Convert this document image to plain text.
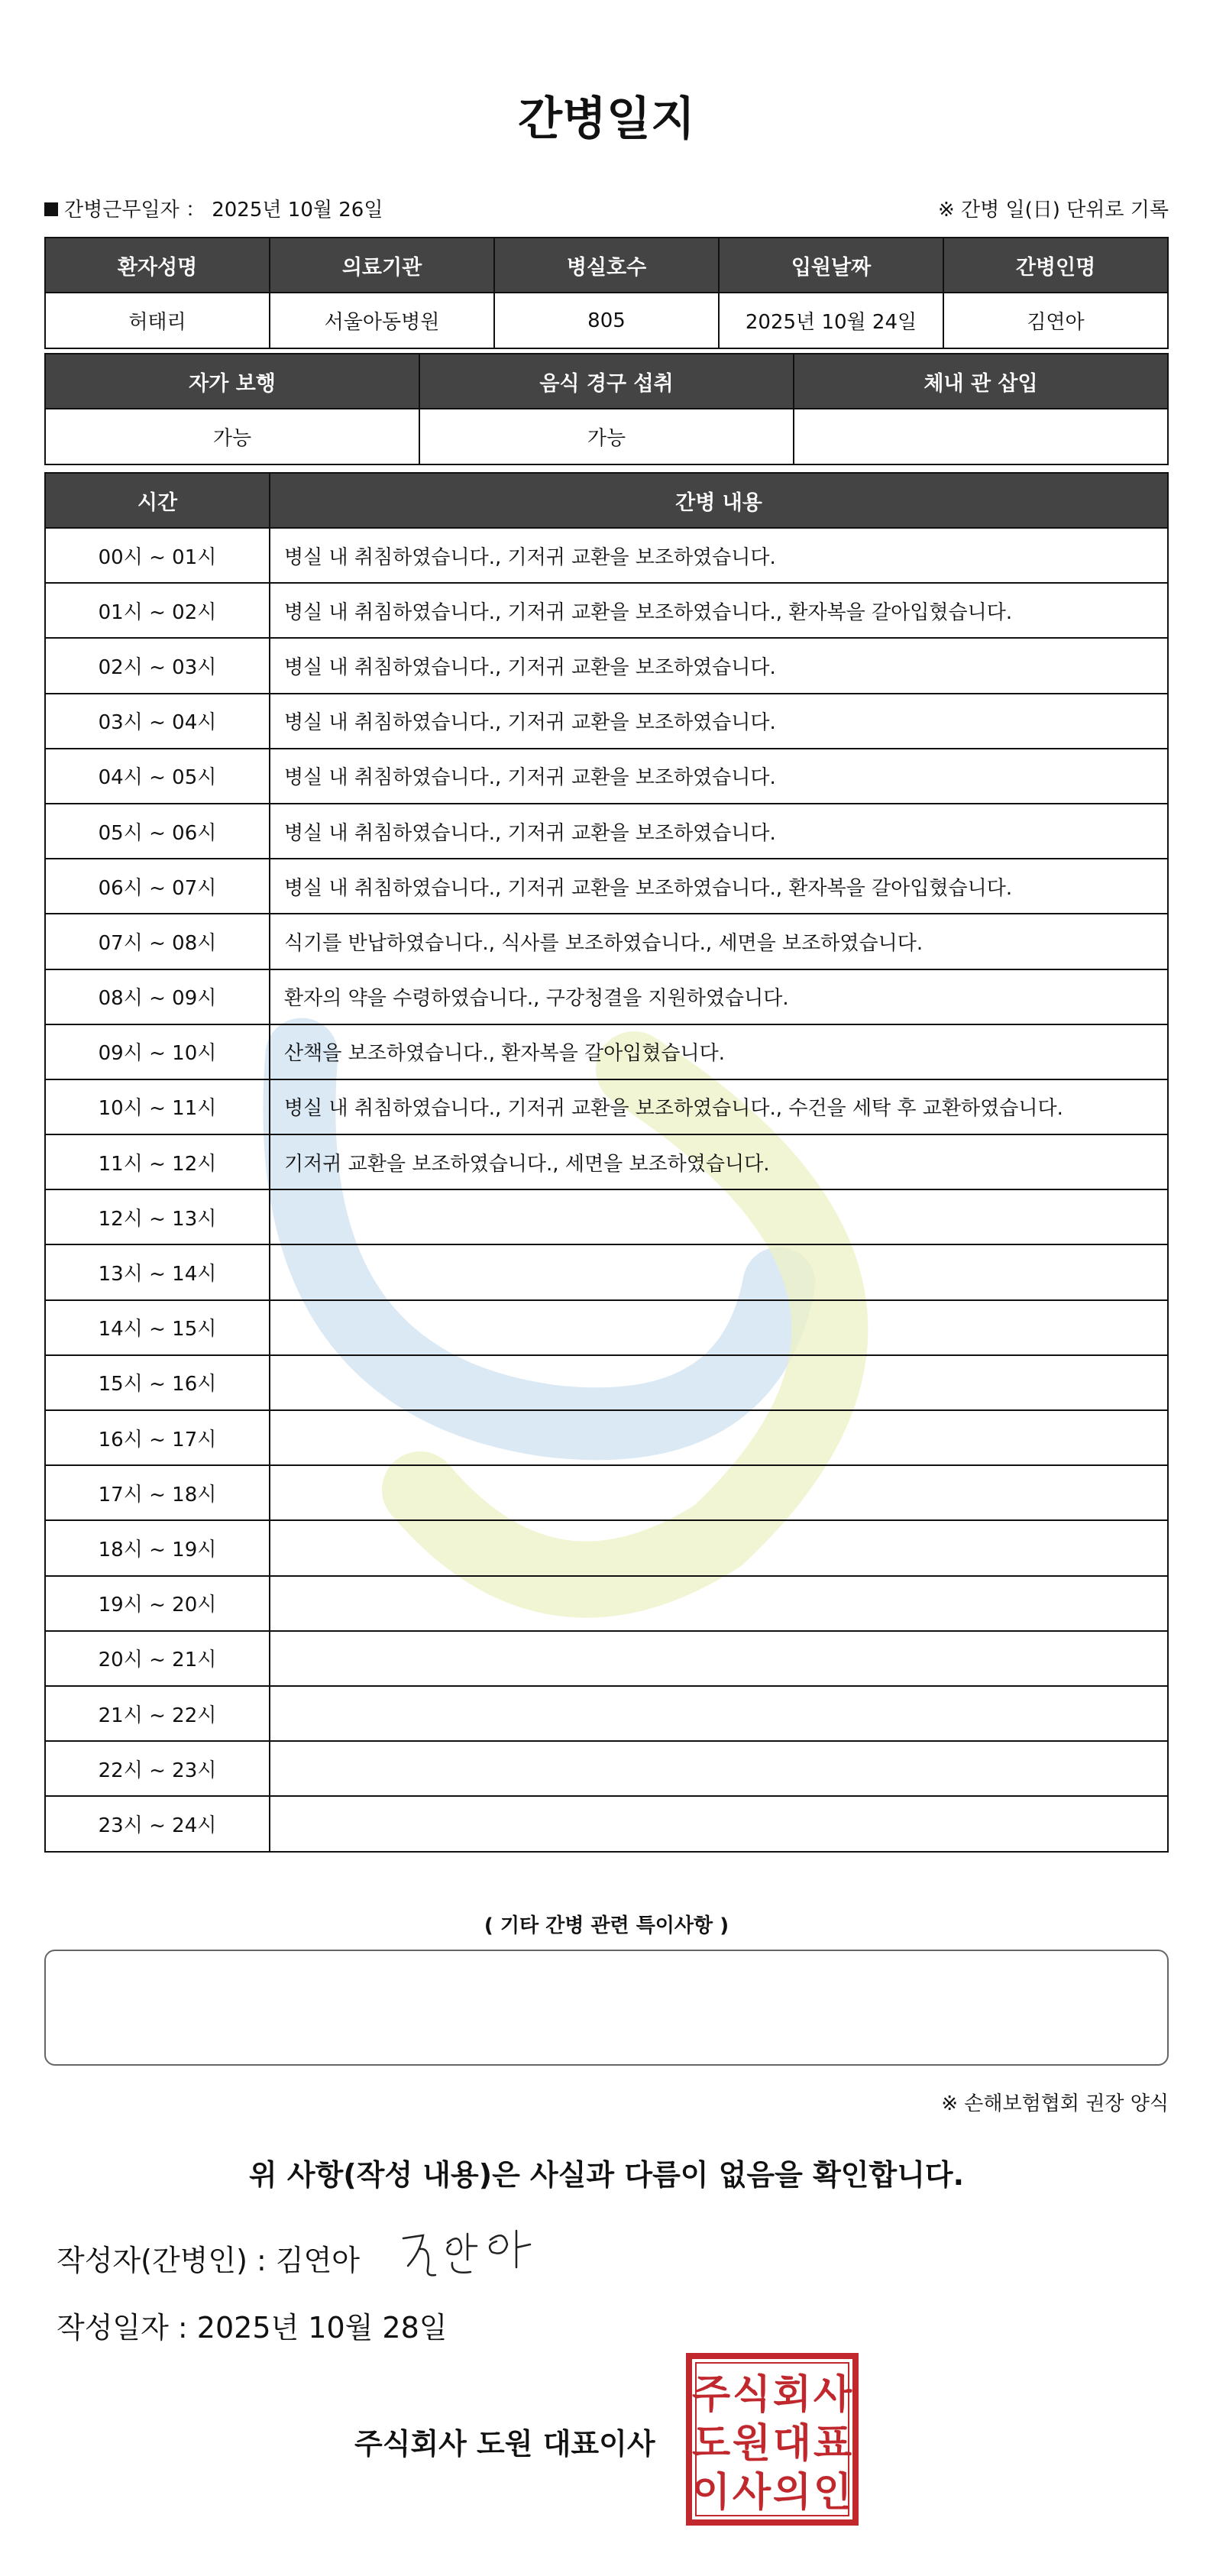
간병일지
간병근무일자 ： 2025년 10월 26일	※ 간병 일(日) 단위로 기록
환자성명	의료기관	병실호수	입원날짜	간병인명
허태리	서울아동병원	805	2025년 10월 24일	김연아
자가 보행	음식 경구 섭취	체내 관 삽입
가능	가능	
시간	간병 내용
00시 ~ 01시	병실 내 취침하였습니다., 기저귀 교환을 보조하였습니다.
01시 ~ 02시	병실 내 취침하였습니다., 기저귀 교환을 보조하였습니다., 환자복을 갈아입혔습니다.
02시 ~ 03시	병실 내 취침하였습니다., 기저귀 교환을 보조하였습니다.
03시 ~ 04시	병실 내 취침하였습니다., 기저귀 교환을 보조하였습니다.
04시 ~ 05시	병실 내 취침하였습니다., 기저귀 교환을 보조하였습니다.
05시 ~ 06시	병실 내 취침하였습니다., 기저귀 교환을 보조하였습니다.
06시 ~ 07시	병실 내 취침하였습니다., 기저귀 교환을 보조하였습니다., 환자복을 갈아입혔습니다.
07시 ~ 08시	식기를 반납하였습니다., 식사를 보조하였습니다., 세면을 보조하였습니다.
08시 ~ 09시	환자의 약을 수령하였습니다., 구강청결을 지원하였습니다.
09시 ~ 10시	산책을 보조하였습니다., 환자복을 갈아입혔습니다.
10시 ~ 11시	병실 내 취침하였습니다., 기저귀 교환을 보조하였습니다., 수건을 세탁 후 교환하였습니다.
11시 ~ 12시	기저귀 교환을 보조하였습니다., 세면을 보조하였습니다.
12시 ~ 13시	
13시 ~ 14시	
14시 ~ 15시	
15시 ~ 16시	
16시 ~ 17시	
17시 ~ 18시	
18시 ~ 19시	
19시 ~ 20시	
20시 ~ 21시	
21시 ~ 22시	
22시 ~ 23시	
23시 ~ 24시	
( 기타 간병 관련 특이사항 )
※ 손해보험협회 권장 양식
위 사항(작성 내용)은 사실과 다름이 없음을 확인합니다.
작성자(간병인) : 김연아
작성일자 : 2025년 10월 28일
주식회사 도원 대표이사
주 식 회 사
도 원 대 표
이 사 의 인
